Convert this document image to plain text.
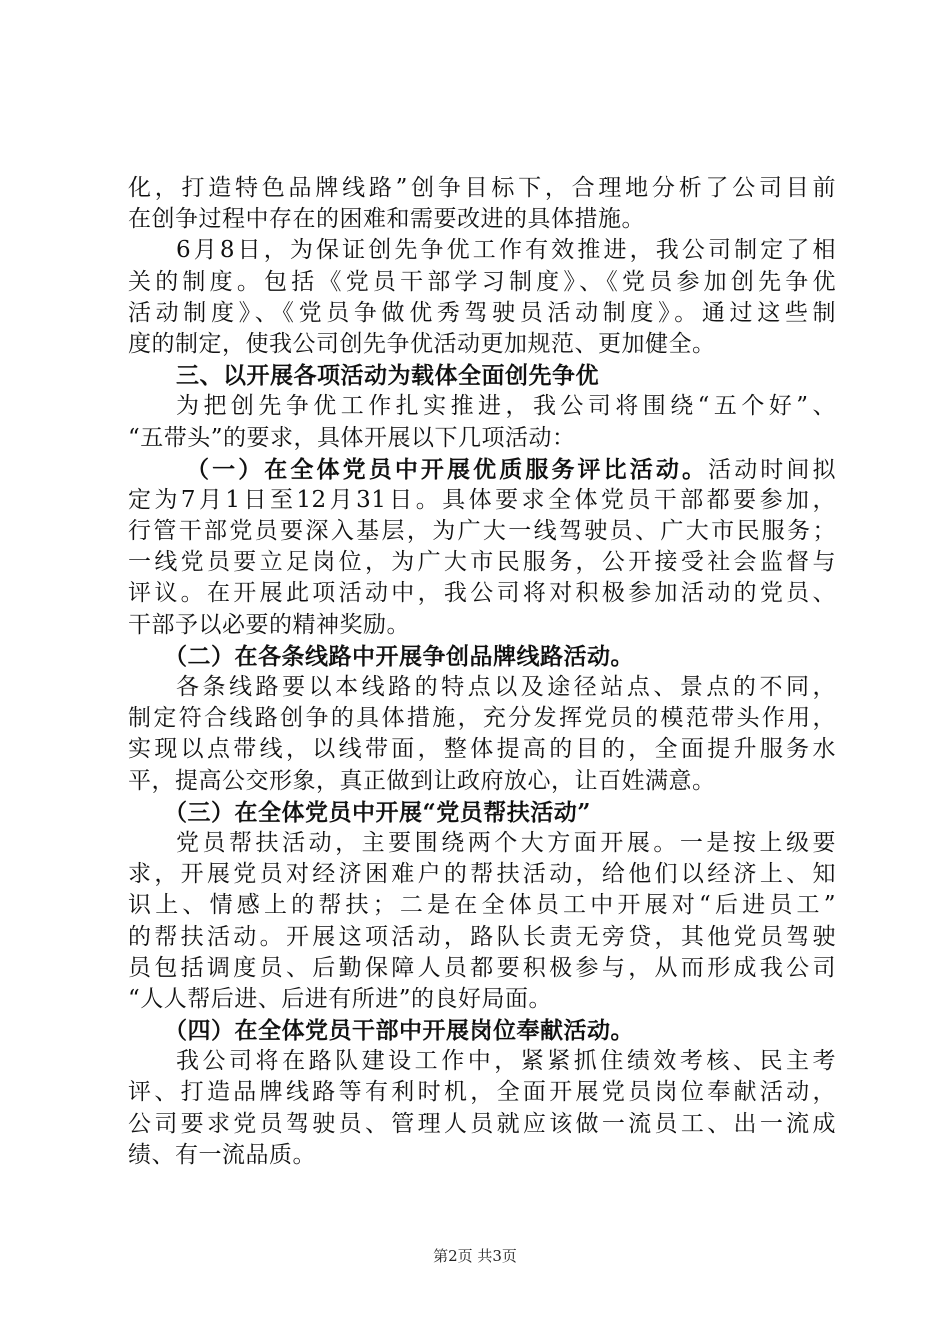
化，打造特色品牌线路”创争目标下，合理地分析了公司目前
在创争过程中存在的困难和需要改进的具体措施。
6月8日，为保证创先争优工作有效推进，我公司制定了相
关的制度。包括《党员干部学习制度》、《党员参加创先争优
活动制度》、《党员争做优秀驾驶员活动制度》。通过这些制
度的制定，使我公司创先争优活动更加规范、更加健全。
三、以开展各项活动为载体全面创先争优
为把创先争优工作扎实推进，我公司将围绕“五个好”、
“五带头”的要求，具体开展以下几项活动：
（一）在全体党员中开展优质服务评比活动。活动时间拟
定为7月1日至12月31日。具体要求全体党员干部都要参加，
行管干部党员要深入基层，为广大一线驾驶员、广大市民服务；
一线党员要立足岗位，为广大市民服务，公开接受社会监督与
评议。在开展此项活动中，我公司将对积极参加活动的党员、
干部予以必要的精神奖励。
（二）在各条线路中开展争创品牌线路活动。
各条线路要以本线路的特点以及途径站点、景点的不同，
制定符合线路创争的具体措施，充分发挥党员的模范带头作用，
实现以点带线，以线带面，整体提高的目的，全面提升服务水
平，提高公交形象，真正做到让政府放心，让百姓满意。
（三）在全体党员中开展“党员帮扶活动”
党员帮扶活动，主要围绕两个大方面开展。一是按上级要
求，开展党员对经济困难户的帮扶活动，给他们以经济上、知
识上、情感上的帮扶；二是在全体员工中开展对“后进员工”
的帮扶活动。开展这项活动，路队长责无旁贷，其他党员驾驶
员包括调度员、后勤保障人员都要积极参与，从而形成我公司
“人人帮后进、后进有所进”的良好局面。
（四）在全体党员干部中开展岗位奉献活动。
我公司将在路队建设工作中，紧紧抓住绩效考核、民主考
评、打造品牌线路等有利时机，全面开展党员岗位奉献活动，
公司要求党员驾驶员、管理人员就应该做一流员工、出一流成
绩、有一流品质。
第2页 共3页
